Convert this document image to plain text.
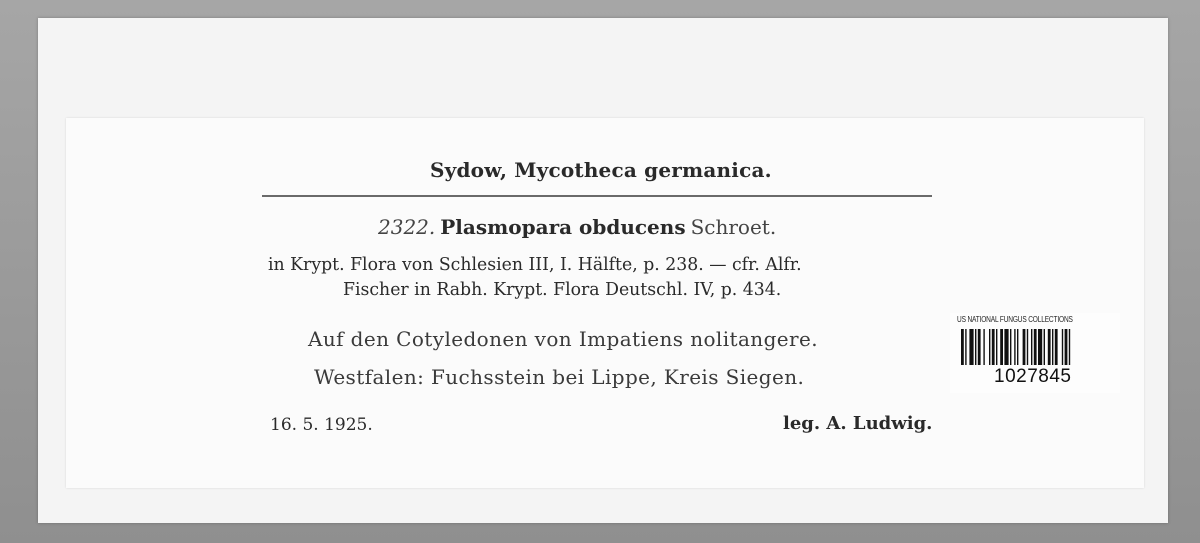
Sydow, Mycotheca germanica.
2322. Plasmopara obducens Schroet.
in Krypt. Flora von Schlesien III, I. Hälfte, p. 238. — cfr. Alfr.
Fischer in Rabh. Krypt. Flora Deutschl. IV, p. 434.
Auf den Cotyledonen von Impatiens nolitangere.
Westfalen: Fuchsstein bei Lippe, Kreis Siegen.
16. 5. 1925.	leg. A. Ludwig.
US NATIONAL FUNGUS COLLECTIONS
1027845
